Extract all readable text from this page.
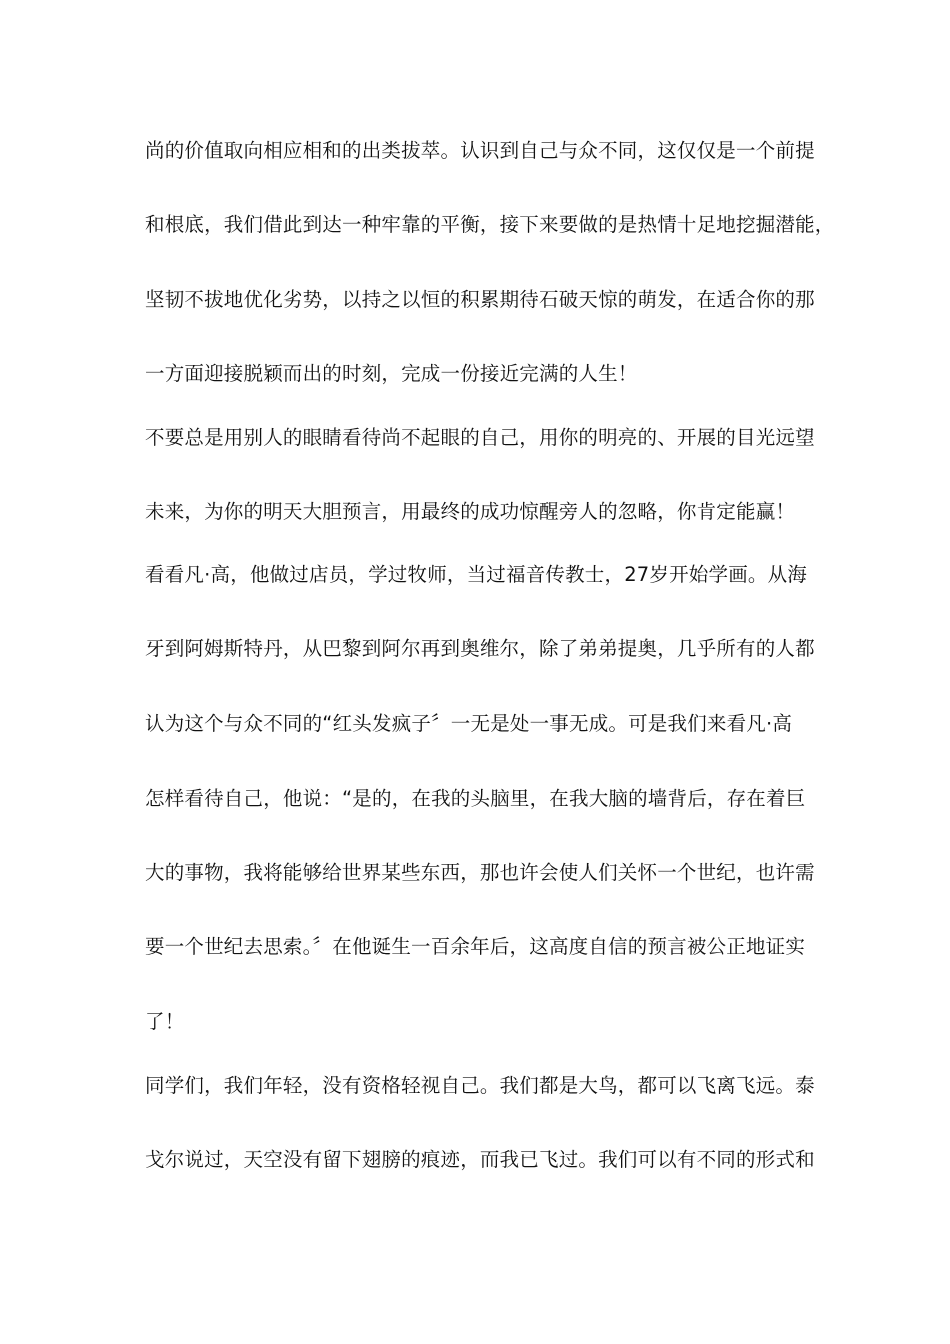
尚的价值取向相应相和的出类拔萃。认识到自己与众不同，这仅仅是一个前提
和根底，我们借此到达一种牢靠的平衡，接下来要做的是热情十足地挖掘潜能，
坚韧不拔地优化劣势，以持之以恒的积累期待石破天惊的萌发，在适合你的那
一方面迎接脱颖而出的时刻，完成一份接近完满的人生！
不要总是用别人的眼睛看待尚不起眼的自己，用你的明亮的、开展的目光远望
未来，为你的明天大胆预言，用最终的成功惊醒旁人的忽略，你肯定能赢！
看看凡·高，他做过店员，学过牧师，当过福音传教士，27岁开始学画。从海
牙到阿姆斯特丹，从巴黎到阿尔再到奥维尔，除了弟弟提奥，几乎所有的人都
认为这个与众不同的“红头发疯子〞一无是处一事无成。可是我们来看凡·高
怎样看待自己，他说：“是的，在我的头脑里，在我大脑的墙背后，存在着巨
大的事物，我将能够给世界某些东西，那也许会使人们关怀一个世纪，也许需
要一个世纪去思索。〞在他诞生一百余年后，这高度自信的预言被公正地证实
了！
同学们，我们年轻，没有资格轻视自己。我们都是大鸟，都可以飞离飞远。泰
戈尔说过，天空没有留下翅膀的痕迹，而我已飞过。我们可以有不同的形式和
